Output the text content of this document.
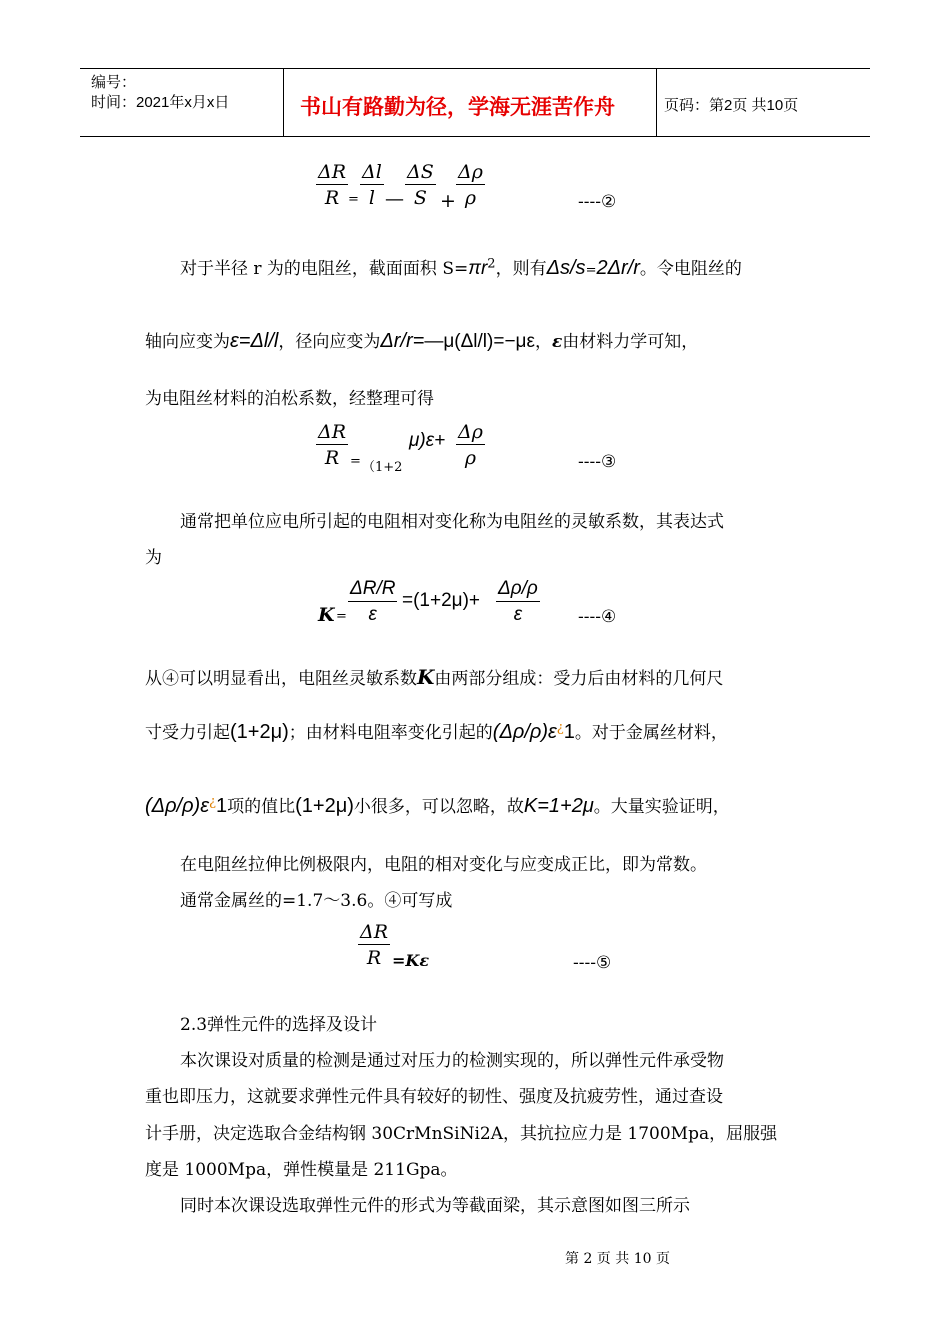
编号：
时间：2021年x月x日	书山有路勤为径，学海无涯苦作舟	页码：第2页 共10页
$\frac{\Delta R}{R} = \frac{\Delta l}{l}$ — $\frac{\Delta S}{S} + \frac{\Delta\rho}{\rho}$	----②
对于半径 r 为的电阻丝，截面面积 $S=\pi r^2$，则有Δs/s=2Δr/r。令电阻丝的
轴向应变为ε=Δl/l，径向应变为Δr/r=—μ(Δl/l)=−με，ε由材料力学可知，
为电阻丝材料的泊松系数，经整理可得
$\frac{\Delta R}{R} = (1+2$
$\mu)\varepsilon+ \frac{\Delta\rho}{\rho}$	----③
通常把单位应电所引起的电阻相对变化称为电阻丝的灵敏系数，其表达式
为
$K = \frac{\Delta R/R}{\varepsilon} =(1+2\mu)+ \frac{\Delta\rho/\rho}{\varepsilon}$ ----④
从④可以明显看出，电阻丝灵敏系数K由两部分组成：受力后由材料的几何尺
寸受力引起(1+2μ)；由材料电阻率变化引起的(Δρ/ρ)ε¿1。对于金属丝材料，
(Δρ/ρ)ε¿1项的值比(1+2μ)小很多，可以忽略，故K=1+2μ。大量实验证明，
在电阻丝拉伸比例极限内，电阻的相对变化与应变成正比，即为常数。
通常金属丝的=1.7～3.6。④可写成
$\frac{\Delta R}{R} =K\varepsilon$	----⑤
2.3弹性元件的选择及设计
本次课设对质量的检测是通过对压力的检测实现的，所以弹性元件承受物
重也即压力，这就要求弹性元件具有较好的韧性、强度及抗疲劳性，通过查设
计手册，决定选取合金结构钢 30CrMnSiNi2A，其抗拉应力是 1700Mpa，屈服强
度是 1000Mpa，弹性模量是 211Gpa。
同时本次课设选取弹性元件的形式为等截面梁，其示意图如图三所示
第 2 页 共 10 页
